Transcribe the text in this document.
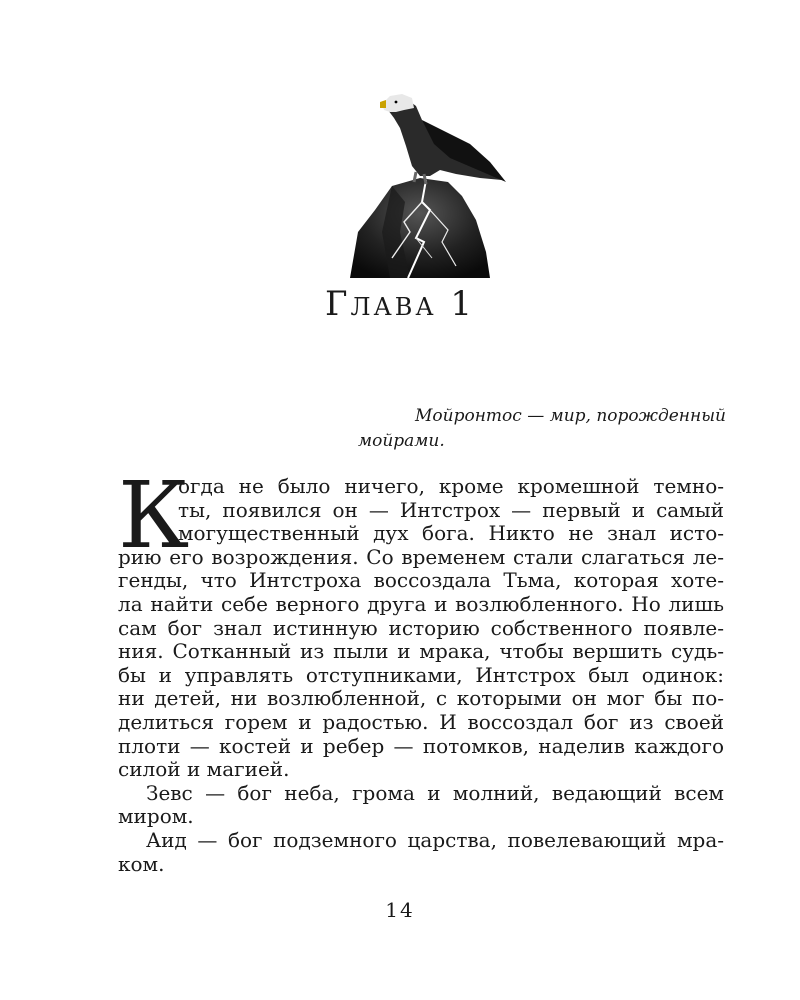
Глава 1
Мойронтос — мир, порожденный
мойрами.
К
огда не было ничего, кроме кромешной темно-
ты, появился он — Интстрох — первый и самый
могущественный дух бога. Никто не знал исто-
рию его возрождения. Со временем стали слагаться ле-
генды, что Интстроха воссоздала Тьма, которая хоте-
ла найти себе верного друга и возлюбленного. Но лишь
сам бог знал истинную историю собственного появле-
ния. Сотканный из пыли и мрака, чтобы вершить судь-
бы и управлять отступниками, Интстрох был одинок:
ни детей, ни возлюбленной, с которыми он мог бы по-
делиться горем и радостью. И воссоздал бог из своей
плоти — костей и ребер — потомков, наделив каждого
силой и магией.
Зевс — бог неба, грома и молний, ведающий всем
миром.
Аид — бог подземного царства, повелевающий мра-
ком.
14
